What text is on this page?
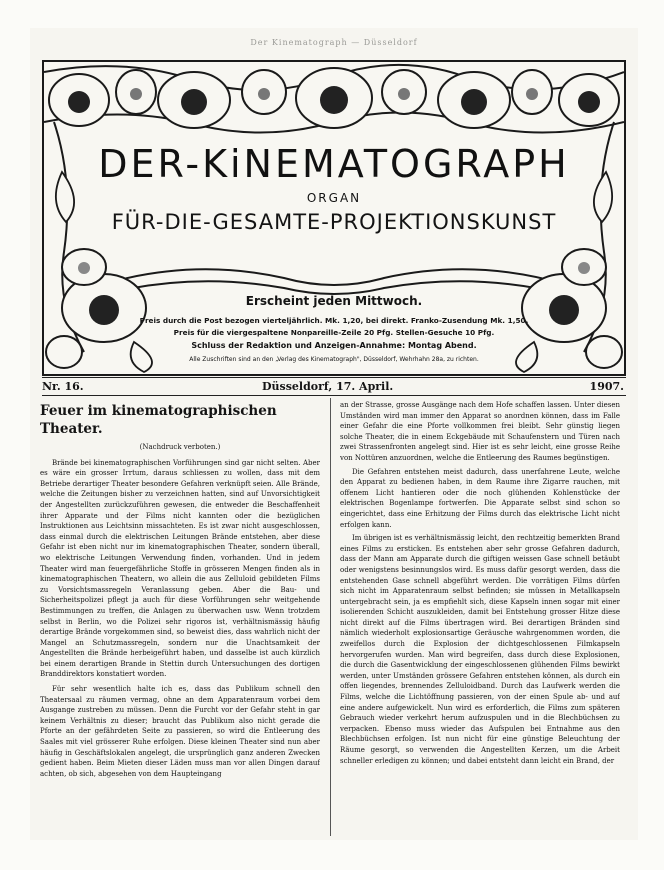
Der Kinematograph — Düsseldorf
DER-KiNEMATOGRAPH
ORGAN
FÜR-DIE-GESAMTE-PROJEKTIONSKUNST
Erscheint jeden Mittwoch.
Preis durch die Post bezogen vierteljährlich. Mk. 1,20, bei direkt. Franko-Zusendung Mk. 1,50.
Preis für die viergespaltene Nonpareille-Zeile 20 Pfg. Stellen-Gesuche 10 Pfg.
Schluss der Redaktion und Anzeigen-Annahme: Montag Abend.
Alle Zuschriften sind an den „Verlag des Kinematograph", Düsseldorf, Wehrhahn 28a, zu richten.
Nr. 16.	Düsseldorf, 17. April.	1907.
Feuer im kinematographischen Theater.
(Nachdruck verboten.)

Brände bei kinematographischen Vorführungen sind gar nicht selten. Aber es wäre ein grosser Irrtum, daraus schliessen zu wollen, dass mit dem Betriebe derartiger Theater besondere Gefahren verknüpft seien. Alle Brände, welche die Zeitungen bisher zu verzeichnen hatten, sind auf Unvorsichtigkeit der Angestellten zurückzuführen gewesen, die entweder die Beschaffenheit ihrer Apparate und der Films nicht kannten oder die bezüglichen Instruktionen aus Leichtsinn missachteten. Es ist zwar nicht ausgeschlossen, dass einmal durch die elektrischen Leitungen Brände entstehen, aber diese Gefahr ist eben nicht nur im kinematographischen Theater, sondern überall, wo elektrische Leitungen Verwendung finden, vorhanden. Und in jedem Theater wird man feuergefährliche Stoffe in grösseren Mengen finden als in kinematographischen Theatern, wo allein die aus Zelluloid gebildeten Films zu Vorsichtsmassregeln Veranlassung geben. Aber die Bau- und Sicherheitspolizei pflegt ja auch für diese Vorführungen sehr weitgehende Bestimmungen zu treffen, die Anlagen zu überwachen usw. Wenn trotzdem selbst in Berlin, wo die Polizei sehr rigoros ist, verhältnismässig häufig derartige Brände vorgekommen sind, so beweist dies, dass wahrlich nicht der Mangel an Schutzmassregeln, sondern nur die Unachtsamkeit der Angestellten die Brände herbeigeführt haben, und dasselbe ist auch kürzlich bei einem derartigen Brande in Stettin durch Untersuchungen des dortigen Branddirektors konstatiert worden.

Für sehr wesentlich halte ich es, dass das Publikum schnell den Theatersaal zu räumen vermag, ohne an dem Apparatenraum vorbei dem Ausgange zustreben zu müssen. Denn die Furcht vor der Gefahr steht in gar keinem Verhältnis zu dieser; braucht das Publikum also nicht gerade die Pforte an der gefährdeten Seite zu passieren, so wird die Entleerung des Saales mit viel grösserer Ruhe erfolgen. Diese kleinen Theater sind nun aber häufig in Geschäftslokalen angelegt, die ursprünglich ganz anderen Zwecken gedient haben. Beim Mieten dieser Läden muss man vor allen Dingen darauf achten, ob sich, abgesehen von dem Haupteingang

an der Strasse, grosse Ausgänge nach dem Hofe schaffen lassen. Unter diesen Umständen wird man immer den Apparat so anordnen können, dass im Falle einer Gefahr die eine Pforte vollkommen frei bleibt. Sehr günstig liegen solche Theater, die in einem Eckgebäude mit Schaufenstern und Türen nach zwei Strassenfronten angelegt sind. Hier ist es sehr leicht, eine grosse Reihe von Nottüren anzuordnen, welche die Entleerung des Raumes begünstigen.

Die Gefahren entstehen meist dadurch, dass unerfahrene Leute, welche den Apparat zu bedienen haben, in dem Raume ihre Zigarre rauchen, mit offenem Licht hantieren oder die noch glühenden Kohlenstücke der elektrischen Bogenlampe fortwerfen. Die Apparate selbst sind schon so eingerichtet, dass eine Erhitzung der Films durch das elektrische Licht nicht erfolgen kann.

Im übrigen ist es verhältnismässig leicht, den rechtzeitig bemerkten Brand eines Films zu ersticken. Es entstehen aber sehr grosse Gefahren dadurch, dass der Mann am Apparate durch die giftigen weissen Gase schnell betäubt oder wenigstens besinnungslos wird. Es muss dafür gesorgt werden, dass die entstehenden Gase schnell abgeführt werden. Die vorrätigen Films dürfen sich nicht im Apparatenraum selbst befinden; sie müssen in Metallkapseln untergebracht sein, ja es empfiehlt sich, diese Kapseln innen sogar mit einer isolierenden Schicht auszukleiden, damit bei Entstehung grosser Hitze diese nicht direkt auf die Films übertragen wird. Bei derartigen Bränden sind nämlich wiederholt explosionsartige Geräusche wahrgenommen worden, die zweifellos durch die Explosion der dichtgeschlossenen Filmkapseln hervorgerufen wurden. Man wird begreifen, dass durch diese Explosionen, die durch die Gasentwicklung der eingeschlossenen glühenden Films bewirkt werden, unter Umständen grössere Gefahren entstehen können, als durch ein offen liegendes, brennendes Zelluloidband. Durch das Laufwerk werden die Films, welche die Lichtöffnung passieren, von der einen Spule ab- und auf eine andere aufgewickelt. Nun wird es erforderlich, die Films zum späteren Gebrauch wieder verkehrt herum aufzuspulen und in die Blechbüchsen zu verpacken. Ebenso muss wieder das Aufspulen bei Entnahme aus den Blechbüchsen erfolgen. Ist nun nicht für eine günstige Beleuchtung der Räume gesorgt, so verwenden die Angestellten Kerzen, um die Arbeit schneller erledigen zu können; und dabei entsteht dann leicht ein Brand, der
